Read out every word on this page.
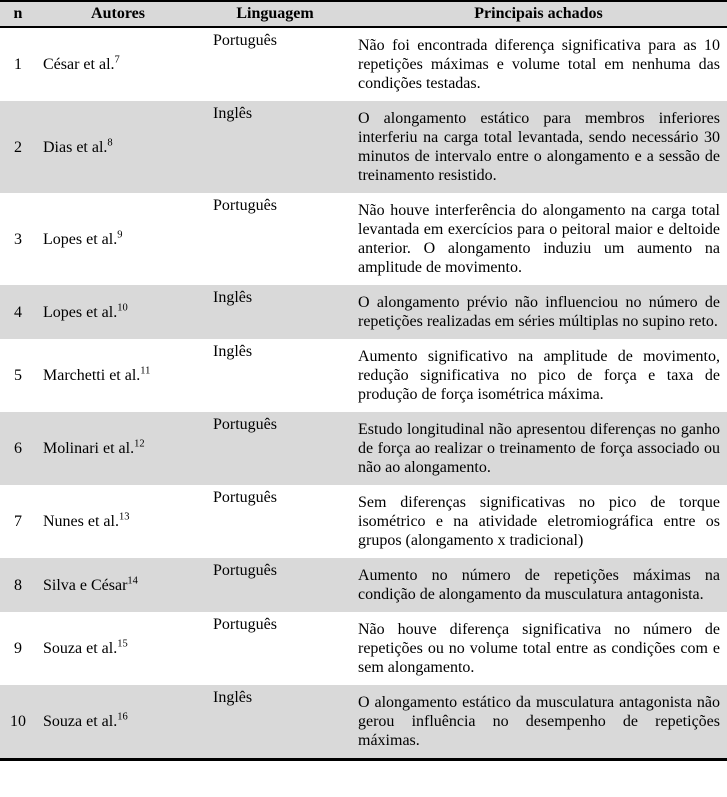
n	Autores	Linguagem	Principais achados
1	César et al.$^7$	Português	Não foi encontrada diferença significativa para as 10 repetições máximas e volume total em nenhuma das condições testadas.
2	Dias et al.$^8$	Inglês	O alongamento estático para membros inferiores interferiu na carga total levantada, sendo necessário 30 minutos de intervalo entre o alongamento e a sessão de treinamento resistido.
3	Lopes et al.$^9$	Português	Não houve interferência do alongamento na carga total levantada em exercícios para o peitoral maior e deltoide anterior. O alongamento induziu um aumento na amplitude de movimento.
4	Lopes et al.$^{10}$	Inglês	O alongamento prévio não influenciou no número de repetições realizadas em séries múltiplas no supino reto.
5	Marchetti et al.$^{11}$	Inglês	Aumento significativo na amplitude de movimento, redução significativa no pico de força e taxa de produção de força isométrica máxima.
6	Molinari et al.$^{12}$	Português	Estudo longitudinal não apresentou diferenças no ganho de força ao realizar o treinamento de força associado ou não ao alongamento.
7	Nunes et al.$^{13}$	Português	Sem diferenças significativas no pico de torque isométrico e na atividade eletromiográfica entre os grupos (alongamento x tradicional)
8	Silva e César$^{14}$	Português	Aumento no número de repetições máximas na condição de alongamento da musculatura antagonista.
9	Souza et al.$^{15}$	Português	Não houve diferença significativa no número de repetições ou no volume total entre as condições com e sem alongamento.
10	Souza et al.$^{16}$	Inglês	O alongamento estático da musculatura antagonista não gerou influência no desempenho de repetições máximas.
